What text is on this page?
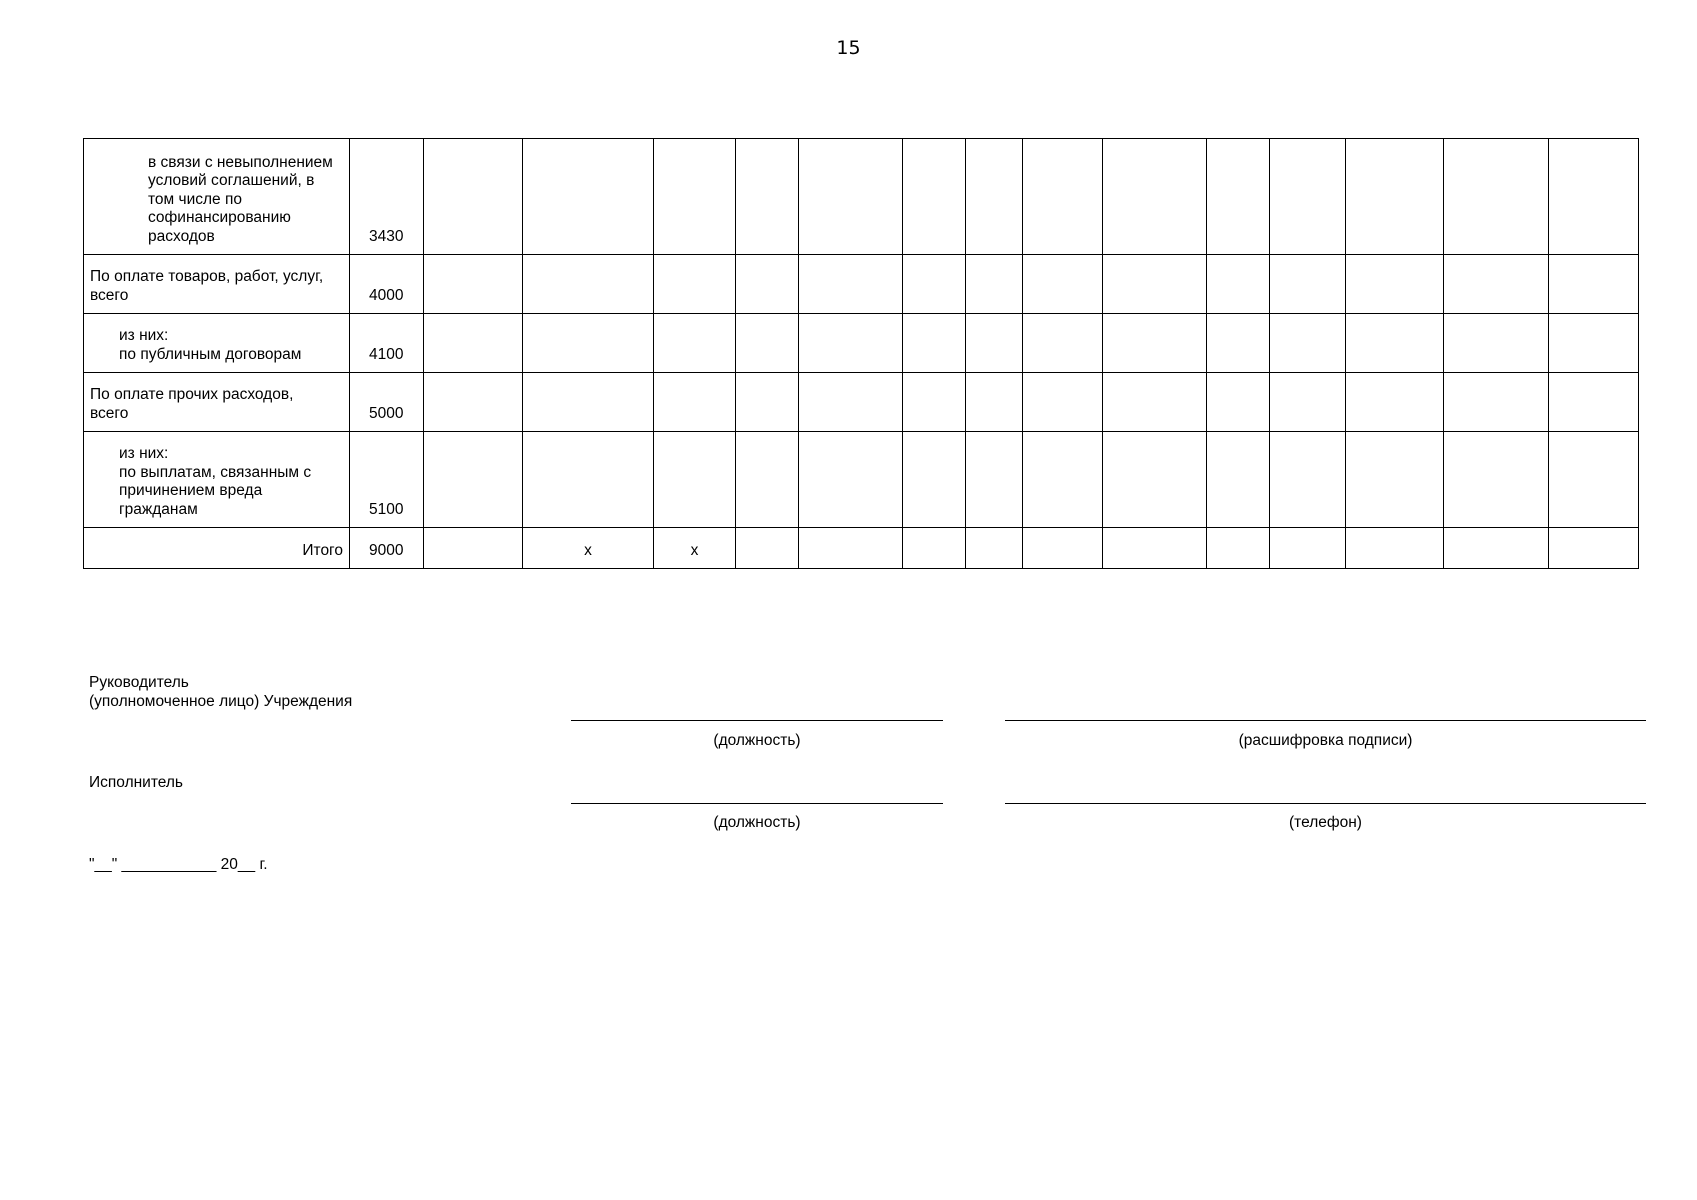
15
в связи с невыполнением
условий соглашений, в
том числе по
софинансированию
расходов	3430														
По оплате товаров, работ, услуг,
всего	4000														
из них:
по публичным договорам	4100														
По оплате прочих расходов,
всего	5000														
из них:
по выплатам, связанным с
причинением вреда
гражданам	5100														
Итого	9000		x	x											
Руководитель
(уполномоченное лицо) Учреждения
(должность)	(расшифровка подписи)
Исполнитель
(должность)	(телефон)
"__" ___________ 20__ г.
